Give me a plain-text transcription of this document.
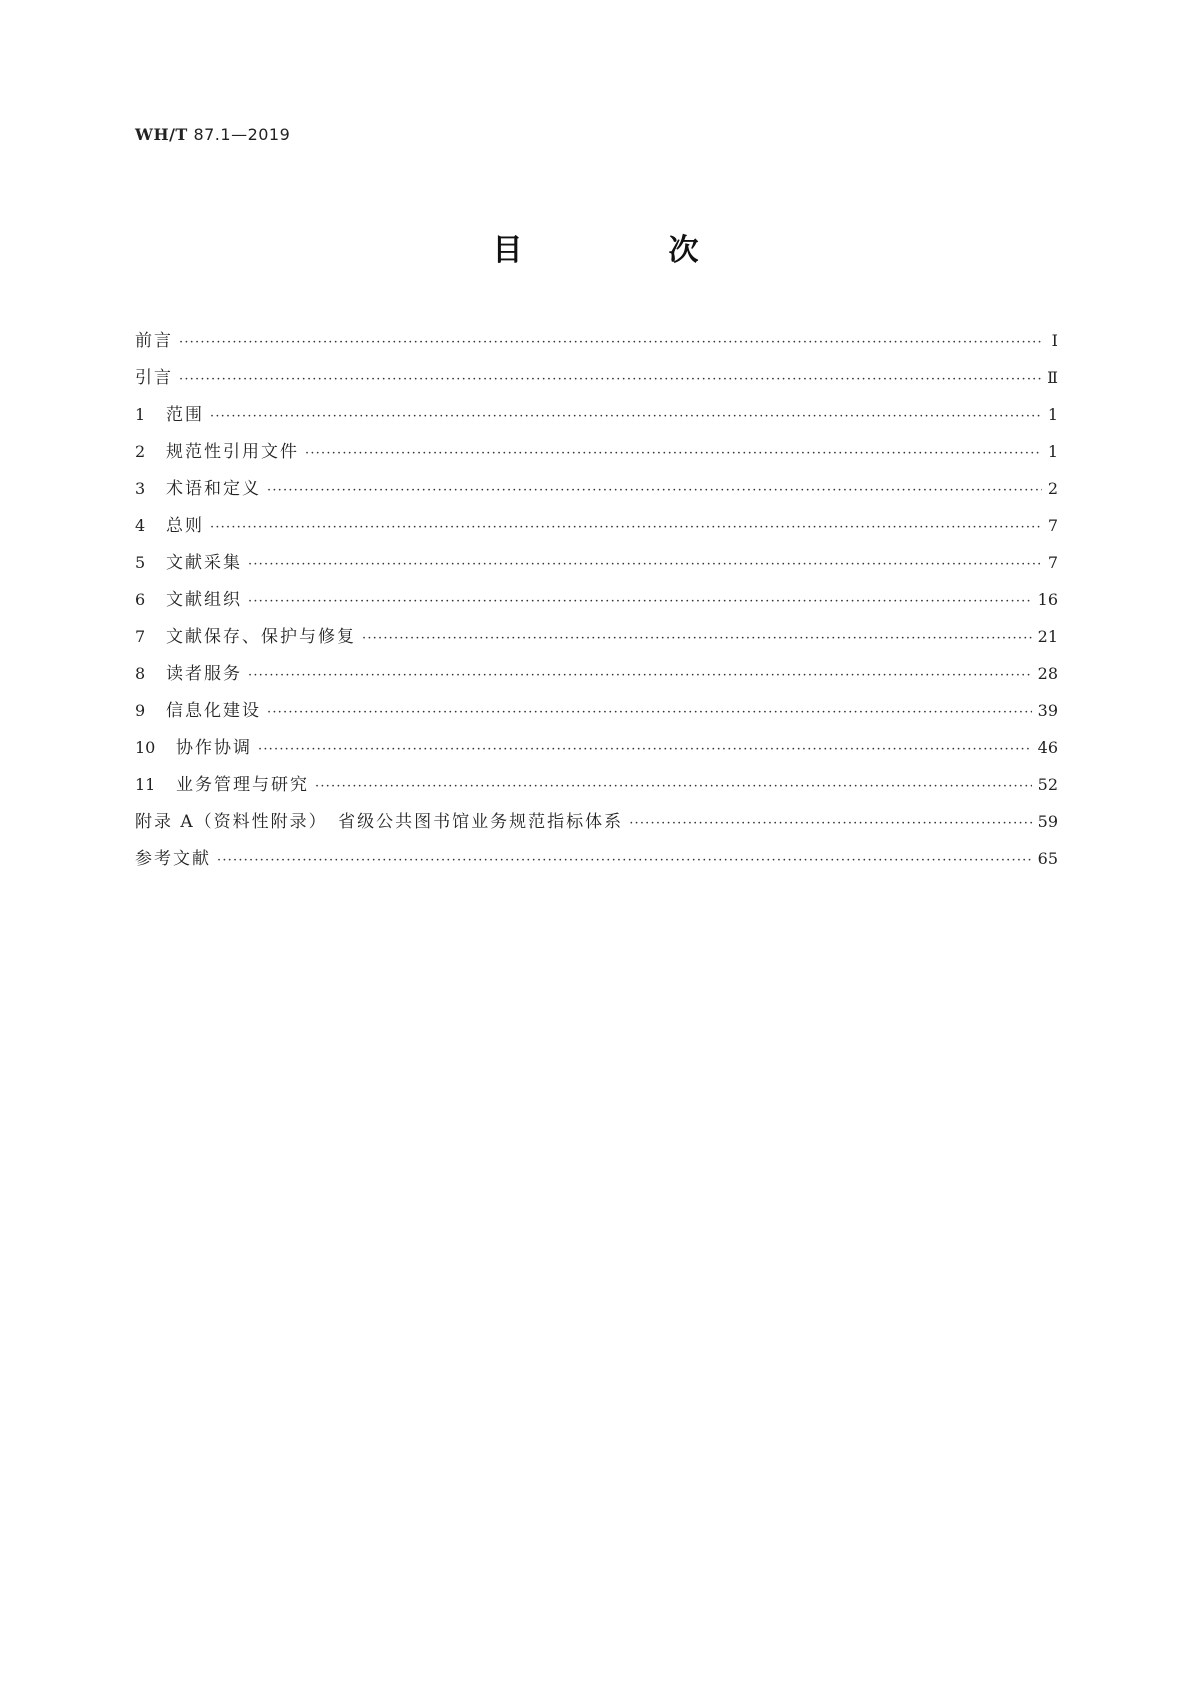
WH/T 87.1—2019
目　次
前言 ·····	Ⅰ
引言 ·····	Ⅱ
1	范围 ·····	1
2	规范性引用文件 ·····	1
3	术语和定义 ·····	2
4	总则 ·····	7
5	文献采集 ·····	7
6	文献组织 ·····	16
7	文献保存、保护与修复 ·····	21
8	读者服务 ·····	28
9	信息化建设 ·····	39
10	协作协调 ·····	46
11	业务管理与研究 ·····	52
附录 A（资料性附录）　省级公共图书馆业务规范指标体系 ·····	59
参考文献 ·····	65
